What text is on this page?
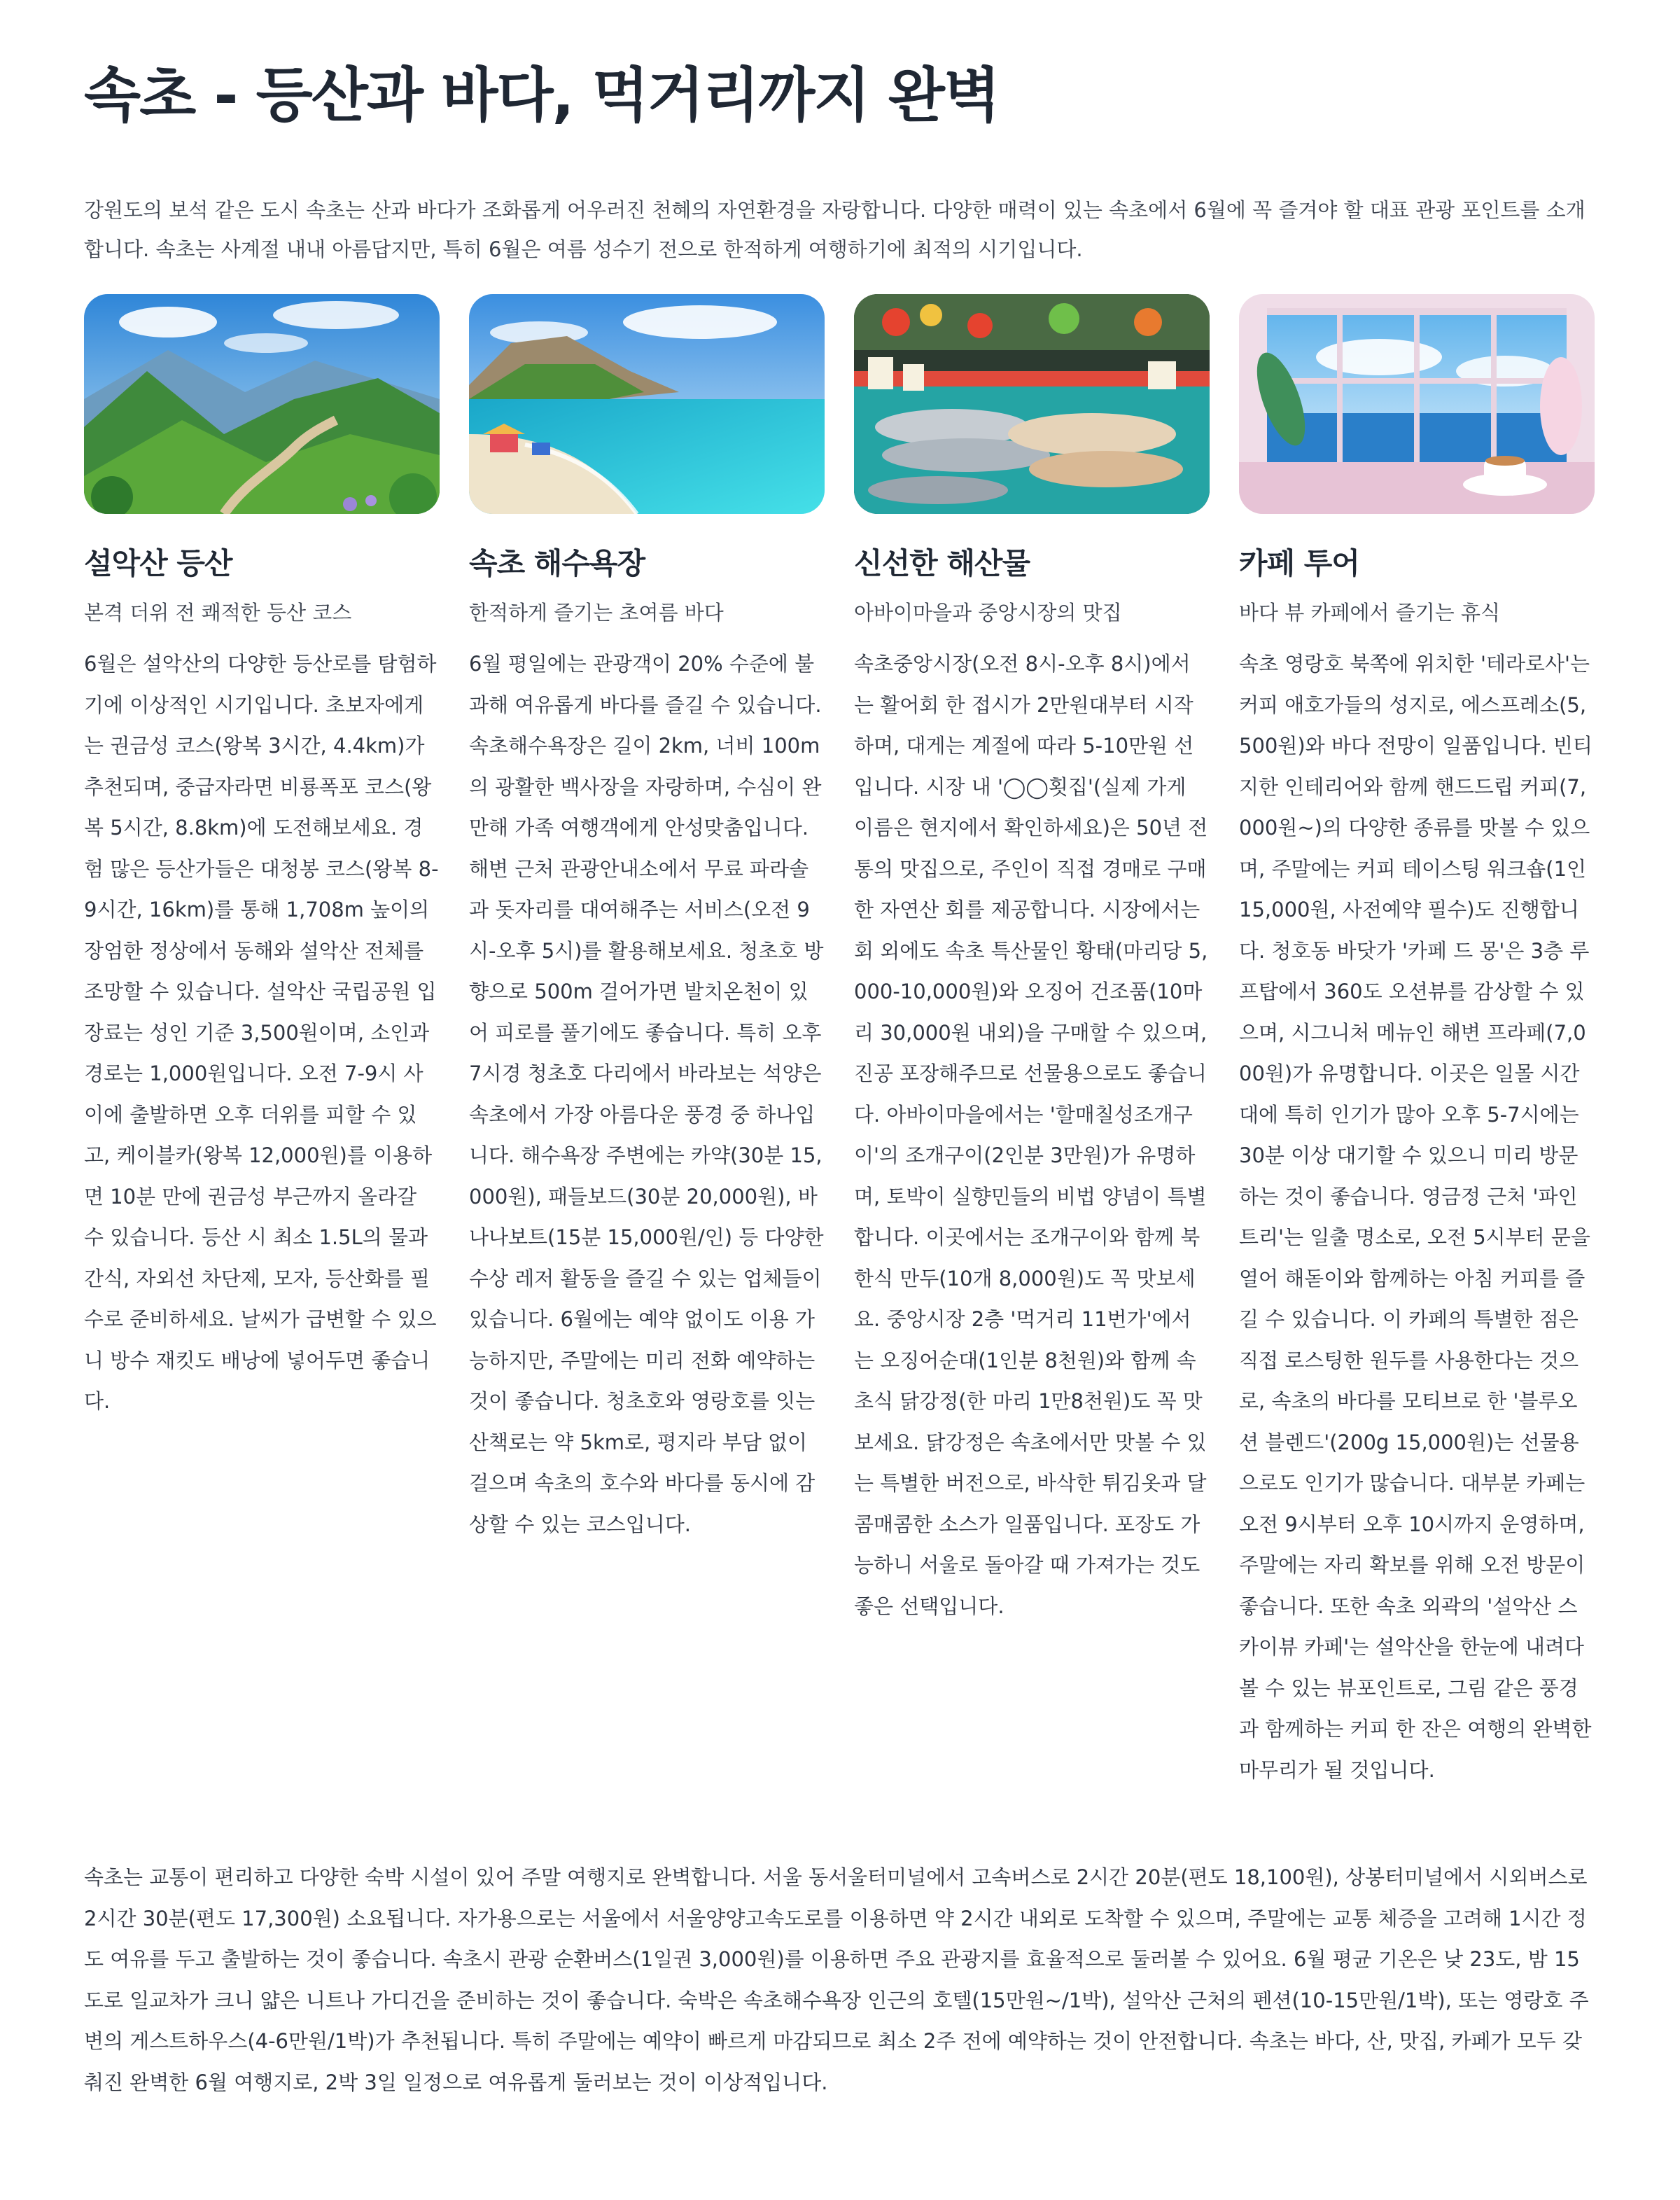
속초 - 등산과 바다, 먹거리까지 완벽

강원도의 보석 같은 도시 속초는 산과 바다가 조화롭게 어우러진 천혜의 자연환경을 자랑합니다. 다양한 매력이 있는 속초에서 6월에 꼭 즐겨야 할 대표 관광 포인트를 소개합니다. 속초는 사계절 내내 아름답지만, 특히 6월은 여름 성수기 전으로 한적하게 여행하기에 최적의 시기입니다.

설악산 등산

본격 더위 전 쾌적한 등산 코스

6월은 설악산의 다양한 등산로를 탐험하기에 이상적인 시기입니다. 초보자에게는 권금성 코스(왕복 3시간, 4.4km)가 추천되며, 중급자라면 비룡폭포 코스(왕복 5시간, 8.8km)에 도전해보세요. 경험 많은 등산가들은 대청봉 코스(왕복 8-9시간, 16km)를 통해 1,708m 높이의 장엄한 정상에서 동해와 설악산 전체를 조망할 수 있습니다. 설악산 국립공원 입장료는 성인 기준 3,500원이며, 소인과 경로는 1,000원입니다. 오전 7-9시 사이에 출발하면 오후 더위를 피할 수 있고, 케이블카(왕복 12,000원)를 이용하면 10분 만에 권금성 부근까지 올라갈 수 있습니다. 등산 시 최소 1.5L의 물과 간식, 자외선 차단제, 모자, 등산화를 필수로 준비하세요. 날씨가 급변할 수 있으니 방수 재킷도 배낭에 넣어두면 좋습니다.

속초 해수욕장

한적하게 즐기는 초여름 바다

6월 평일에는 관광객이 20% 수준에 불과해 여유롭게 바다를 즐길 수 있습니다. 속초해수욕장은 길이 2km, 너비 100m의 광활한 백사장을 자랑하며, 수심이 완만해 가족 여행객에게 안성맞춤입니다. 해변 근처 관광안내소에서 무료 파라솔과 돗자리를 대여해주는 서비스(오전 9시-오후 5시)를 활용해보세요. 청초호 방향으로 500m 걸어가면 발치온천이 있어 피로를 풀기에도 좋습니다. 특히 오후 7시경 청초호 다리에서 바라보는 석양은 속초에서 가장 아름다운 풍경 중 하나입니다. 해수욕장 주변에는 카약(30분 15,000원), 패들보드(30분 20,000원), 바나나보트(15분 15,000원/인) 등 다양한 수상 레저 활동을 즐길 수 있는 업체들이 있습니다. 6월에는 예약 없이도 이용 가능하지만, 주말에는 미리 전화 예약하는 것이 좋습니다. 청초호와 영랑호를 잇는 산책로는 약 5km로, 평지라 부담 없이 걸으며 속초의 호수와 바다를 동시에 감상할 수 있는 코스입니다.

신선한 해산물

아바이마을과 중앙시장의 맛집

속초중앙시장(오전 8시-오후 8시)에서는 활어회 한 접시가 2만원대부터 시작하며, 대게는 계절에 따라 5-10만원 선입니다. 시장 내 '◯◯횟집'(실제 가게 이름은 현지에서 확인하세요)은 50년 전통의 맛집으로, 주인이 직접 경매로 구매한 자연산 회를 제공합니다. 시장에서는 회 외에도 속초 특산물인 황태(마리당 5,000-10,000원)와 오징어 건조품(10마리 30,000원 내외)을 구매할 수 있으며, 진공 포장해주므로 선물용으로도 좋습니다. 아바이마을에서는 '할매칠성조개구이'의 조개구이(2인분 3만원)가 유명하며, 토박이 실향민들의 비법 양념이 특별합니다. 이곳에서는 조개구이와 함께 북한식 만두(10개 8,000원)도 꼭 맛보세요. 중앙시장 2층 '먹거리 11번가'에서는 오징어순대(1인분 8천원)와 함께 속초식 닭강정(한 마리 1만8천원)도 꼭 맛보세요. 닭강정은 속초에서만 맛볼 수 있는 특별한 버전으로, 바삭한 튀김옷과 달콤매콤한 소스가 일품입니다. 포장도 가능하니 서울로 돌아갈 때 가져가는 것도 좋은 선택입니다.

카페 투어

바다 뷰 카페에서 즐기는 휴식

속초 영랑호 북쪽에 위치한 '테라로사'는 커피 애호가들의 성지로, 에스프레소(5,500원)와 바다 전망이 일품입니다. 빈티지한 인테리어와 함께 핸드드립 커피(7,000원~)의 다양한 종류를 맛볼 수 있으며, 주말에는 커피 테이스팅 워크숍(1인 15,000원, 사전예약 필수)도 진행합니다. 청호동 바닷가 '카페 드 몽'은 3층 루프탑에서 360도 오션뷰를 감상할 수 있으며, 시그니처 메뉴인 해변 프라페(7,000원)가 유명합니다. 이곳은 일몰 시간대에 특히 인기가 많아 오후 5-7시에는 30분 이상 대기할 수 있으니 미리 방문하는 것이 좋습니다. 영금정 근처 '파인트리'는 일출 명소로, 오전 5시부터 문을 열어 해돋이와 함께하는 아침 커피를 즐길 수 있습니다. 이 카페의 특별한 점은 직접 로스팅한 원두를 사용한다는 것으로, 속초의 바다를 모티브로 한 '블루오션 블렌드'(200g 15,000원)는 선물용으로도 인기가 많습니다. 대부분 카페는 오전 9시부터 오후 10시까지 운영하며, 주말에는 자리 확보를 위해 오전 방문이 좋습니다. 또한 속초 외곽의 '설악산 스카이뷰 카페'는 설악산을 한눈에 내려다볼 수 있는 뷰포인트로, 그림 같은 풍경과 함께하는 커피 한 잔은 여행의 완벽한 마무리가 될 것입니다.

속초는 교통이 편리하고 다양한 숙박 시설이 있어 주말 여행지로 완벽합니다. 서울 동서울터미널에서 고속버스로 2시간 20분(편도 18,100원), 상봉터미널에서 시외버스로 2시간 30분(편도 17,300원) 소요됩니다. 자가용으로는 서울에서 서울양양고속도로를 이용하면 약 2시간 내외로 도착할 수 있으며, 주말에는 교통 체증을 고려해 1시간 정도 여유를 두고 출발하는 것이 좋습니다. 속초시 관광 순환버스(1일권 3,000원)를 이용하면 주요 관광지를 효율적으로 둘러볼 수 있어요. 6월 평균 기온은 낮 23도, 밤 15도로 일교차가 크니 얇은 니트나 가디건을 준비하는 것이 좋습니다. 숙박은 속초해수욕장 인근의 호텔(15만원~/1박), 설악산 근처의 펜션(10-15만원/1박), 또는 영랑호 주변의 게스트하우스(4-6만원/1박)가 추천됩니다. 특히 주말에는 예약이 빠르게 마감되므로 최소 2주 전에 예약하는 것이 안전합니다. 속초는 바다, 산, 맛집, 카페가 모두 갖춰진 완벽한 6월 여행지로, 2박 3일 일정으로 여유롭게 둘러보는 것이 이상적입니다.
